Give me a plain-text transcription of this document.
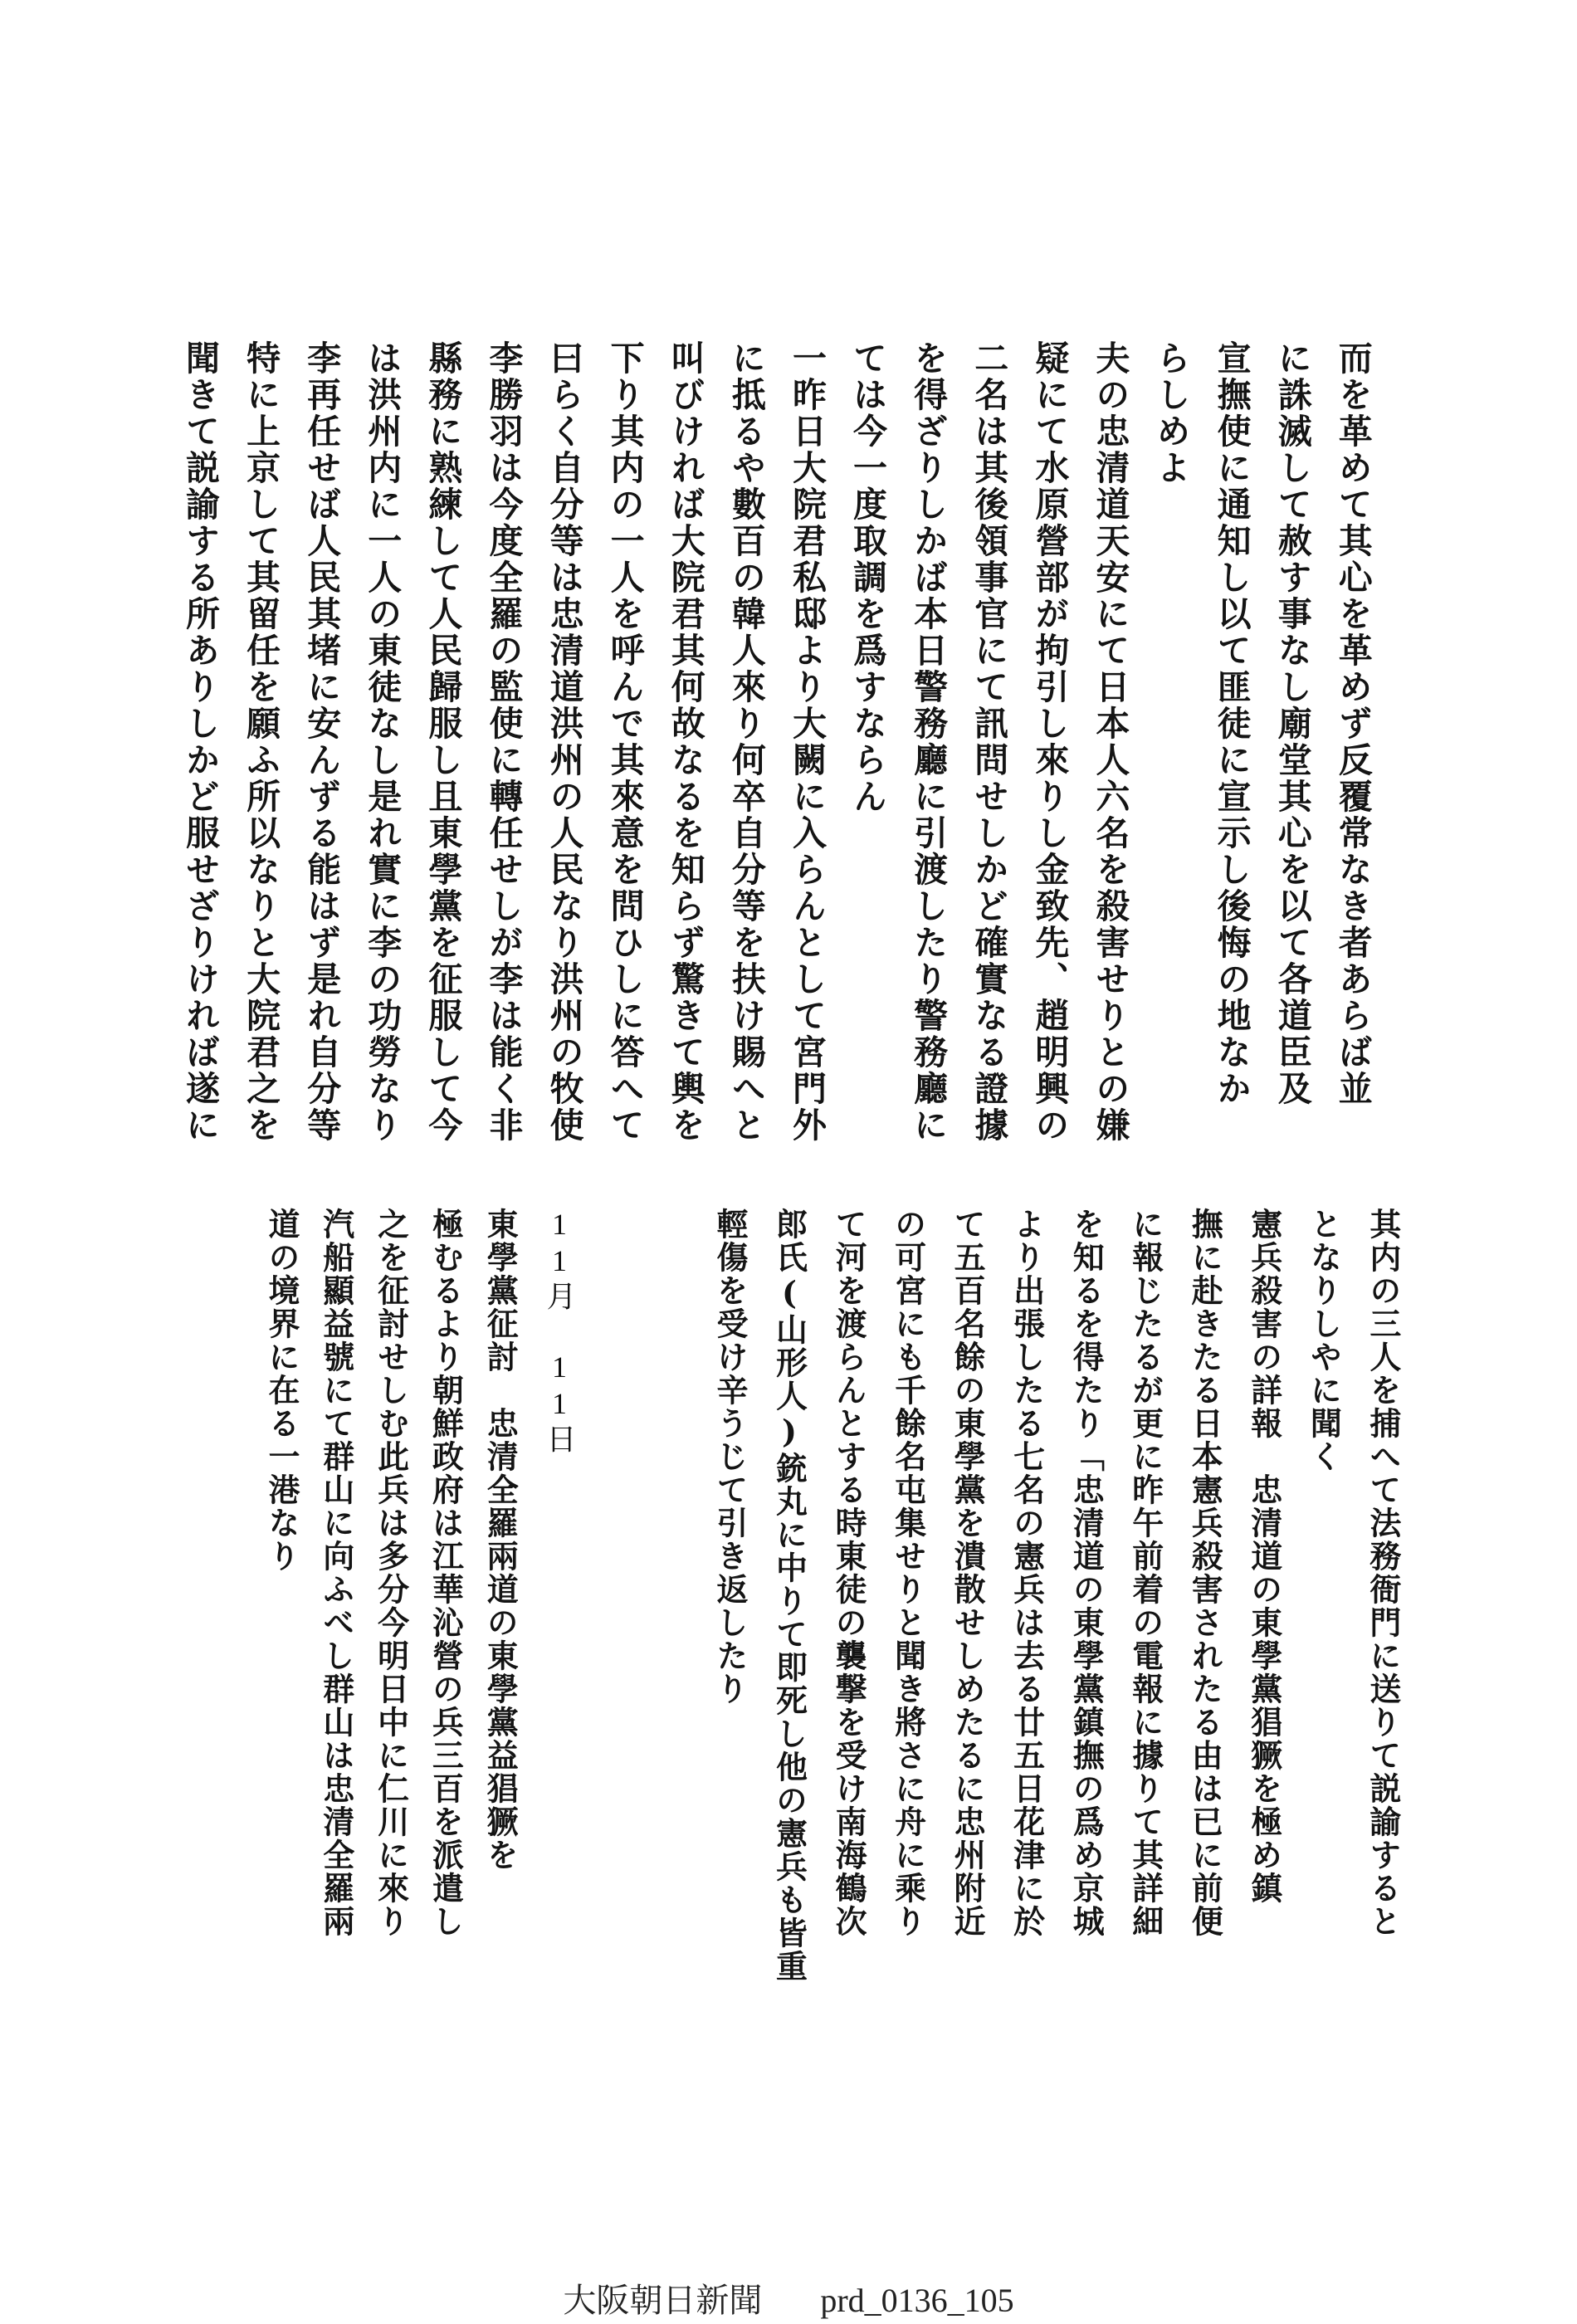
而を革めて其心を革めず反覆常なき者あらば並
に誅滅して赦す事なし廟堂其心を以て各道臣及
宣撫使に通知し以て匪徒に宣示し後悔の地なか
らしめよ
夫の忠清道天安にて日本人六名を殺害せりとの嫌
疑にて水原營部が拘引し來りし金致先、趙明興の
二名は其後領事官にて訊問せしかど確實なる證據
を得ざりしかば本日警務廳に引渡したり警務廳に
ては今一度取調を爲すならん
一昨日大院君私邸より大闕に入らんとして宮門外
に抵るや數百の韓人來り何卒自分等を扶け賜へと
叫びければ大院君其何故なるを知らず驚きて輿を
下り其内の一人を呼んで其來意を問ひしに答へて
曰らく自分等は忠清道洪州の人民なり洪州の牧使
李勝羽は今度全羅の監使に轉任せしが李は能く非
縣務に熟練して人民歸服し且東學黨を征服して今
は洪州内に一人の東徒なし是れ實に李の功勞なり
李再任せば人民其堵に安んずる能はず是れ自分等
特に上京して其留任を願ふ所以なりと大院君之を
聞きて説諭する所ありしかど服せざりければ遂に
其内の三人を捕へて法務衙門に送りて説諭すると
となりしやに聞く
憲兵殺害の詳報　忠清道の東學黨猖獗を極め鎮
撫に赴きたる日本憲兵殺害されたる由は已に前便
に報じたるが更に昨午前着の電報に據りて其詳細
を知るを得たり「忠清道の東學黨鎮撫の爲め京城
より出張したる七名の憲兵は去る廿五日花津に於
て五百名餘の東學黨を潰散せしめたるに忠州附近
の可宮にも千餘名屯集せりと聞き將さに舟に乘り
て河を渡らんとする時東徒の襲撃を受け南海鶴次
郎氏(山形人)銃丸に中りて即死し他の憲兵も皆重
輕傷を受け辛うじて引き返したり
11月 11日
東學黨征討　忠清全羅兩道の東學黨益猖獗を
極むるより朝鮮政府は江華沁營の兵三百を派遣し
之を征討せしむ此兵は多分今明日中に仁川に來り
汽船顯益號にて群山に向ふべし群山は忠清全羅兩
道の境界に在る一港なり
大阪朝日新聞 prd_0136_105
